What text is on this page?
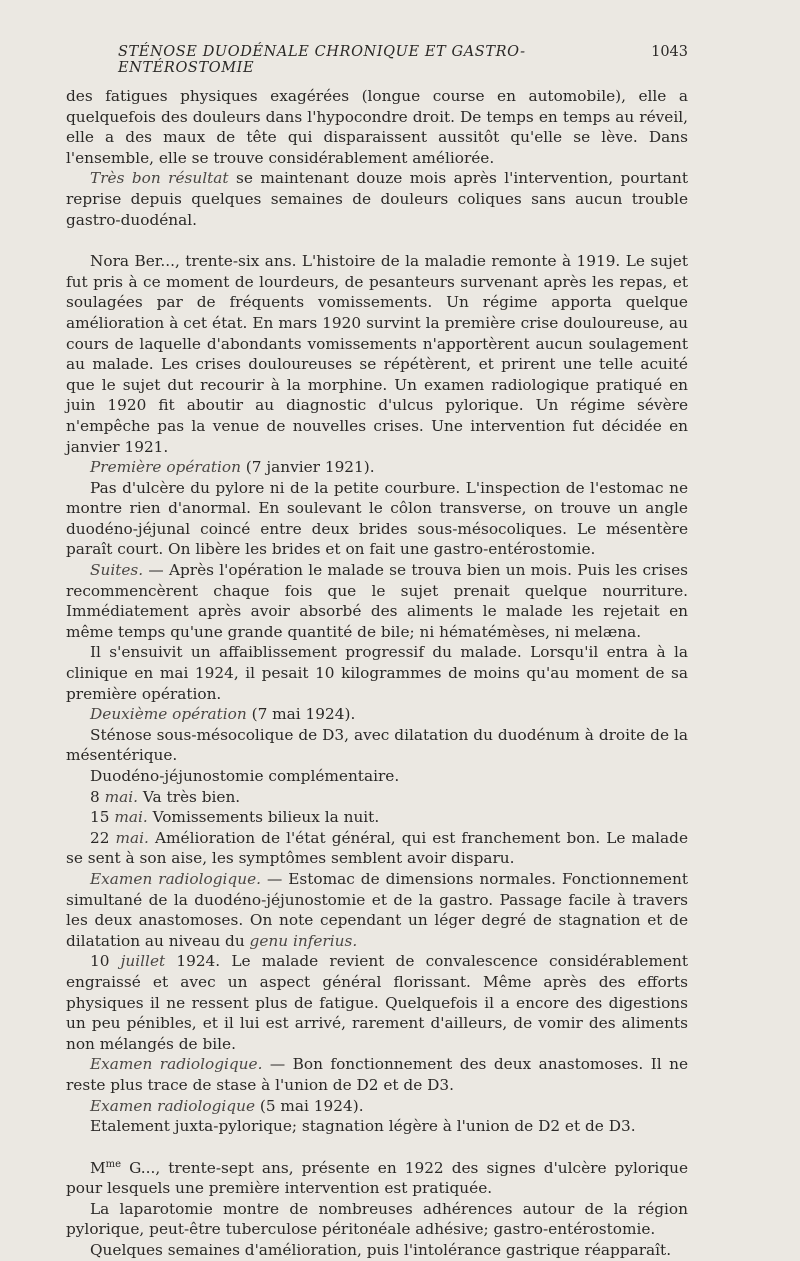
STÉNOSE DUODÉNALE CHRONIQUE ET GASTRO-ENTÉROSTOMIE
1043

des fatigues physiques exagérées (longue course en automobile), elle a quelquefois des douleurs dans l'hypocondre droit. De temps en temps au réveil, elle a des maux de tête qui disparaissent aussitôt qu'elle se lève. Dans l'ensemble, elle se trouve considérablement améliorée.

Très bon résultat se maintenant douze mois après l'intervention, pourtant reprise depuis quelques semaines de douleurs coliques sans aucun trouble gastro-duodénal.

Nora Ber..., trente-six ans. L'histoire de la maladie remonte à 1919. Le sujet fut pris à ce moment de lourdeurs, de pesanteurs survenant après les repas, et soulagées par de fréquents vomissements. Un régime apporta quelque amélioration à cet état. En mars 1920 survint la première crise douloureuse, au cours de laquelle d'abondants vomissements n'apportèrent aucun soulagement au malade. Les crises douloureuses se répétèrent, et prirent une telle acuité que le sujet dut recourir à la morphine. Un examen radiologique pratiqué en juin 1920 fit aboutir au diagnostic d'ulcus pylorique. Un régime sévère n'empêche pas la venue de nouvelles crises. Une intervention fut décidée en janvier 1921.

Première opération (7 janvier 1921).

Pas d'ulcère du pylore ni de la petite courbure. L'inspection de l'estomac ne montre rien d'anormal. En soulevant le côlon transverse, on trouve un angle duodéno-jéjunal coincé entre deux brides sous-mésocoliques. Le mésentère paraît court. On libère les brides et on fait une gastro-entérostomie.

Suites. — Après l'opération le malade se trouva bien un mois. Puis les crises recommencèrent chaque fois que le sujet prenait quelque nourriture. Immédiatement après avoir absorbé des aliments le malade les rejetait en même temps qu'une grande quantité de bile; ni hématémèses, ni melæna.

Il s'ensuivit un affaiblissement progressif du malade. Lorsqu'il entra à la clinique en mai 1924, il pesait 10 kilogrammes de moins qu'au moment de sa première opération.

Deuxième opération (7 mai 1924).

Sténose sous-mésocolique de D3, avec dilatation du duodénum à droite de la mésentérique.

Duodéno-jéjunostomie complémentaire.

8 mai. Va très bien.

15 mai. Vomissements bilieux la nuit.

22 mai. Amélioration de l'état général, qui est franchement bon. Le malade se sent à son aise, les symptômes semblent avoir disparu.

Examen radiologique. — Estomac de dimensions normales. Fonctionnement simultané de la duodéno-jéjunostomie et de la gastro. Passage facile à travers les deux anastomoses. On note cependant un léger degré de stagnation et de dilatation au niveau du genu inferius.

10 juillet 1924. Le malade revient de convalescence considérablement engraissé et avec un aspect général florissant. Même après des efforts physiques il ne ressent plus de fatigue. Quelquefois il a encore des digestions un peu pénibles, et il lui est arrivé, rarement d'ailleurs, de vomir des aliments non mélangés de bile.

Examen radiologique. — Bon fonctionnement des deux anastomoses. Il ne reste plus trace de stase à l'union de D2 et de D3.

Examen radiologique (5 mai 1924).

Etalement juxta-pylorique; stagnation légère à l'union de D2 et de D3.

$M^{me}$ G..., trente-sept ans, présente en 1922 des signes d'ulcère pylorique pour lesquels une première intervention est pratiquée.

La laparotomie montre de nombreuses adhérences autour de la région pylorique, peut-être tuberculose péritonéale adhésive; gastro-entérostomie.

Quelques semaines d'amélioration, puis l'intolérance gastrique réapparaît.
